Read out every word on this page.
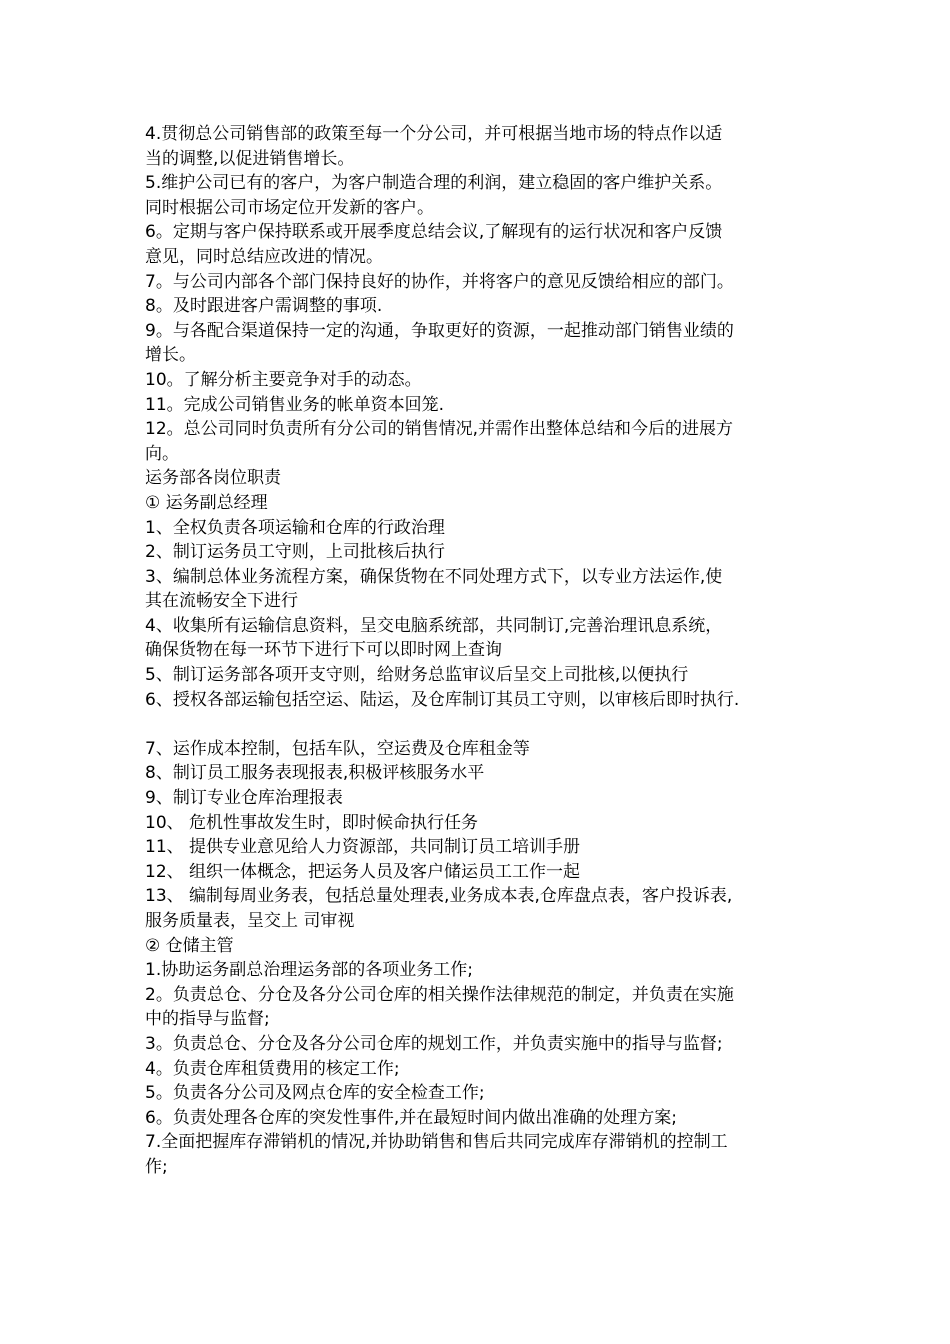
4.贯彻总公司销售部的政策至每一个分公司，并可根据当地市场的特点作以适
当的调整,以促进销售增长。
5.维护公司已有的客户，为客户制造合理的利润，建立稳固的客户维护关系。
同时根据公司市场定位开发新的客户。
6。定期与客户保持联系或开展季度总结会议,了解现有的运行状况和客户反馈
意见，同时总结应改进的情况。
7。与公司内部各个部门保持良好的协作，并将客户的意见反馈给相应的部门。
8。及时跟进客户需调整的事项.
9。与各配合渠道保持一定的沟通，争取更好的资源，一起推动部门销售业绩的
增长。
10。了解分析主要竞争对手的动态。
11。完成公司销售业务的帐单资本回笼.
12。总公司同时负责所有分公司的销售情况,并需作出整体总结和今后的进展方
向。
运务部各岗位职责
① 运务副总经理
1、全权负责各项运输和仓库的行政治理
2、制订运务员工守则，上司批核后执行
3、编制总体业务流程方案，确保货物在不同处理方式下，以专业方法运作,使
其在流畅安全下进行
4、收集所有运输信息资料，呈交电脑系统部，共同制订,完善治理讯息系统，
确保货物在每一环节下进行下可以即时网上查询
5、制订运务部各项开支守则，给财务总监审议后呈交上司批核,以便执行
6、授权各部运输包括空运、陆运，及仓库制订其员工守则，以审核后即时执行.
7、运作成本控制，包括车队，空运费及仓库租金等
8、制订员工服务表现报表,积极评核服务水平
9、制订专业仓库治理报表
10、 危机性事故发生时，即时候命执行任务
11、 提供专业意见给人力资源部，共同制订员工培训手册
12、 组织一体概念，把运务人员及客户储运员工工作一起
13、 编制每周业务表，包括总量处理表,业务成本表,仓库盘点表，客户投诉表,
服务质量表，呈交上 司审视
② 仓储主管
1.协助运务副总治理运务部的各项业务工作;
2。负责总仓、分仓及各分公司仓库的相关操作法律规范的制定，并负责在实施
中的指导与监督;
3。负责总仓、分仓及各分公司仓库的规划工作，并负责实施中的指导与监督;
4。负责仓库租赁费用的核定工作;
5。负责各分公司及网点仓库的安全检查工作;
6。负责处理各仓库的突发性事件,并在最短时间内做出准确的处理方案;
7.全面把握库存滞销机的情况,并协助销售和售后共同完成库存滞销机的控制工
作;
